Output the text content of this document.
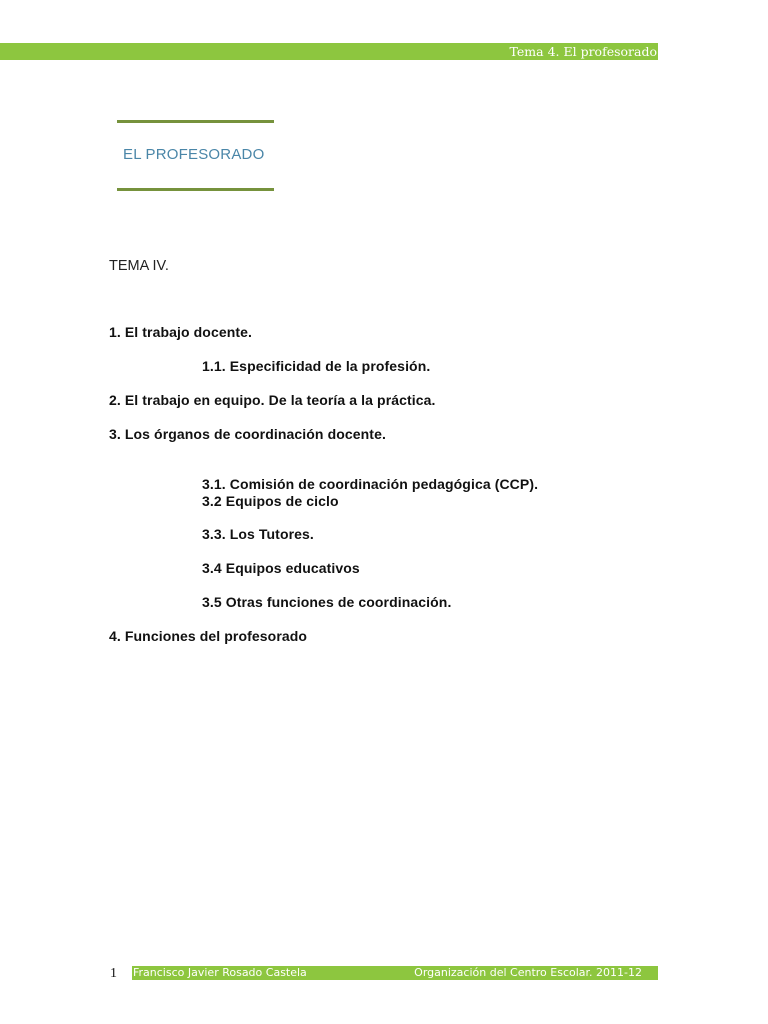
Tema 4. El profesorado
EL PROFESORADO
TEMA IV.
1. El trabajo docente.
1.1. Especificidad de la profesión.
2. El trabajo en equipo. De la teoría a la práctica.
3. Los órganos de coordinación docente.
3.1. Comisión de coordinación pedagógica (CCP).
3.2 Equipos de ciclo
3.3. Los Tutores.
3.4 Equipos educativos
3.5 Otras funciones de coordinación.
4. Funciones del profesorado
1 Francisco Javier Rosado Castela	Organización del Centro Escolar. 2011-12
